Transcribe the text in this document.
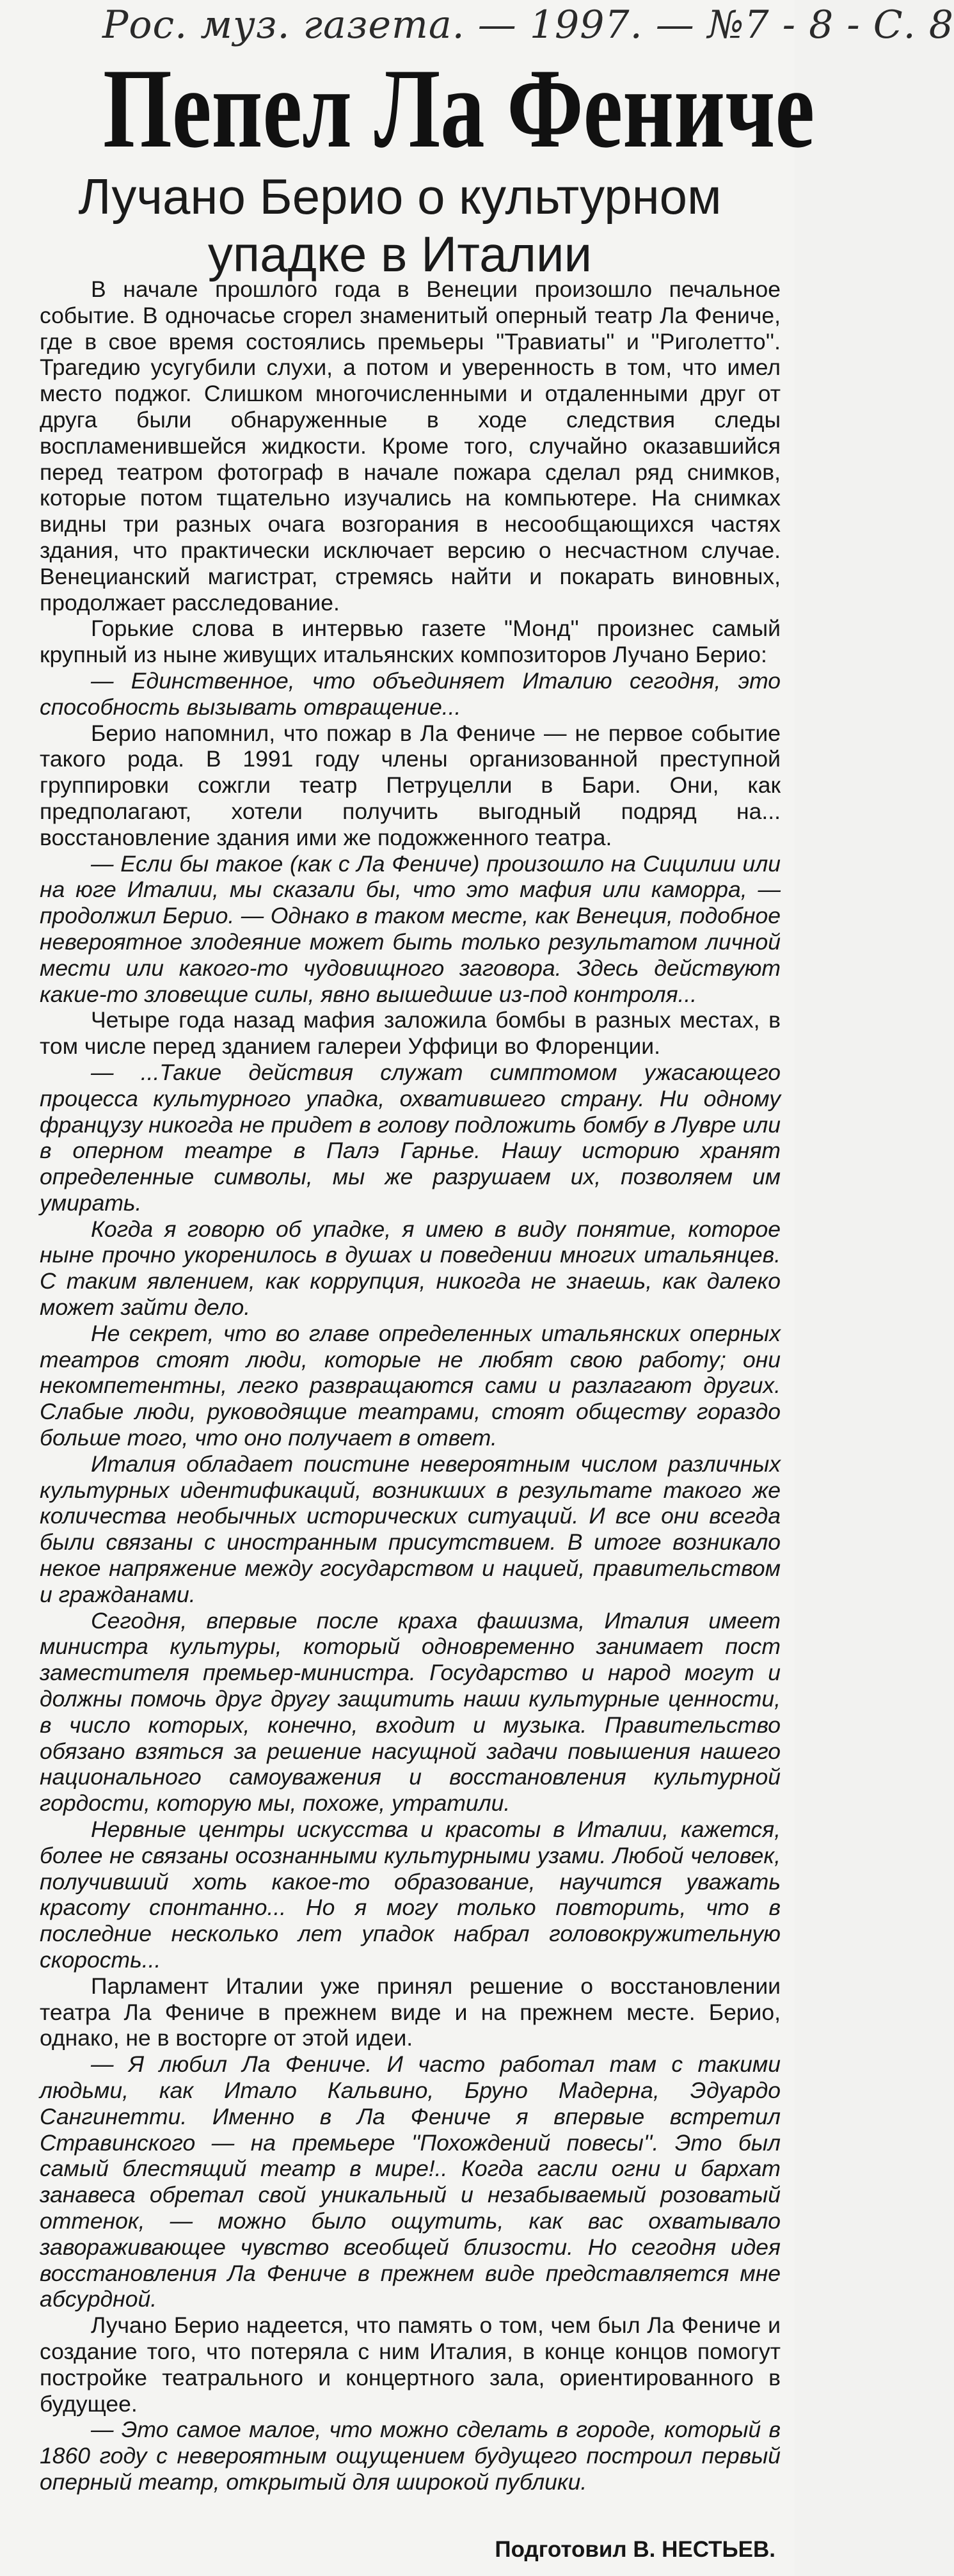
Рос. муз. газета. — 1997. — №7 - 8 - С. 8
Пепел Ла Фениче
Лучано Берио о культурном упадке в Италии

В начале прошлого года в Венеции произошло печальное событие. В одночасье сгорел знаменитый оперный театр Ла Фениче, где в свое время состоялись премьеры ''Травиаты'' и ''Риголетто''. Трагедию усугубили слухи, а потом и уверенность в том, что имел место поджог. Слишком многочисленными и отдаленными друг от друга были обнаруженные в ходе следствия следы воспламенившейся жидкости. Кроме того, случайно оказавшийся перед театром фотограф в начале пожара сделал ряд снимков, которые потом тщательно изучались на компьютере. На снимках видны три разных очага возгорания в несообщающихся частях здания, что практически исключает версию о несчастном случае. Венецианский магистрат, стремясь найти и покарать виновных, продолжает расследование.

Горькие слова в интервью газете ''Монд'' произнес самый крупный из ныне живущих итальянских композиторов Лучано Берио:

— Единственное, что объединяет Италию сегодня, это способность вызывать отвращение...

Берио напомнил, что пожар в Ла Фениче — не первое событие такого рода. В 1991 году члены организованной преступной группировки сожгли театр Петруцелли в Бари. Они, как предполагают, хотели получить выгодный подряд на... восстановление здания ими же подожженного театра.

— Если бы такое (как с Ла Фениче) произошло на Сицилии или на юге Италии, мы сказали бы, что это мафия или каморра, — продолжил Берио. — Однако в таком месте, как Венеция, подобное невероятное злодеяние может быть только результатом личной мести или какого-то чудовищного заговора. Здесь действуют какие-то зловещие силы, явно вышедшие из-под контроля...

Четыре года назад мафия заложила бомбы в разных местах, в том числе перед зданием галереи Уффици во Флоренции.

— ...Такие действия служат симптомом ужасающего процесса культурного упадка, охватившего страну. Ни одному французу никогда не придет в голову подложить бомбу в Лувре или в оперном театре в Палэ Гарнье. Нашу историю хранят определенные символы, мы же разрушаем их, позволяем им умирать.

Когда я говорю об упадке, я имею в виду понятие, которое ныне прочно укоренилось в душах и поведении многих итальянцев. С таким явлением, как коррупция, никогда не знаешь, как далеко может зайти дело.

Не секрет, что во главе определенных итальянских оперных театров стоят люди, которые не любят свою работу; они некомпетентны, легко развращаются сами и разлагают других. Слабые люди, руководящие театрами, стоят обществу гораздо больше того, что оно получает в ответ.

Италия обладает поистине невероятным числом различных культурных идентификаций, возникших в результате такого же количества необычных исторических ситуаций. И все они всегда были связаны с иностранным присутствием. В итоге возникало некое напряжение между государством и нацией, правительством и гражданами.

Сегодня, впервые после краха фашизма, Италия имеет министра культуры, который одновременно занимает пост заместителя премьер-министра. Государство и народ могут и должны помочь друг другу защитить наши культурные ценности, в число которых, конечно, входит и музыка. Правительство обязано взяться за решение насущной задачи повышения нашего национального самоуважения и восстановления культурной гордости, которую мы, похоже, утратили.

Нервные центры искусства и красоты в Италии, кажется, более не связаны осознанными культурными узами. Любой человек, получивший хоть какое-то образование, научится уважать красоту спонтанно... Но я могу только повторить, что в последние несколько лет упадок набрал головокружительную скорость...

Парламент Италии уже принял решение о восстановлении театра Ла Фениче в прежнем виде и на прежнем месте. Берио, однако, не в восторге от этой идеи.

— Я любил Ла Фениче. И часто работал там с такими людьми, как Итало Кальвино, Бруно Мадерна, Эдуардо Сангинетти. Именно в Ла Фениче я впервые встретил Стравинского — на премьере ''Похождений повесы''. Это был самый блестящий театр в мире!.. Когда гасли огни и бархат занавеса обретал свой уникальный и незабываемый розоватый оттенок, — можно было ощутить, как вас охватывало завораживающее чувство всеобщей близости. Но сегодня идея восстановления Ла Фениче в прежнем виде представляется мне абсурдной.

Лучано Берио надеется, что память о том, чем был Ла Фениче и создание того, что потеряла с ним Италия, в конце концов помогут постройке театрального и концертного зала, ориентированного в будущее.

— Это самое малое, что можно сделать в городе, который в 1860 году с невероятным ощущением будущего построил первый оперный театр, открытый для широкой публики.

Подготовил В. НЕСТЬЕВ.
